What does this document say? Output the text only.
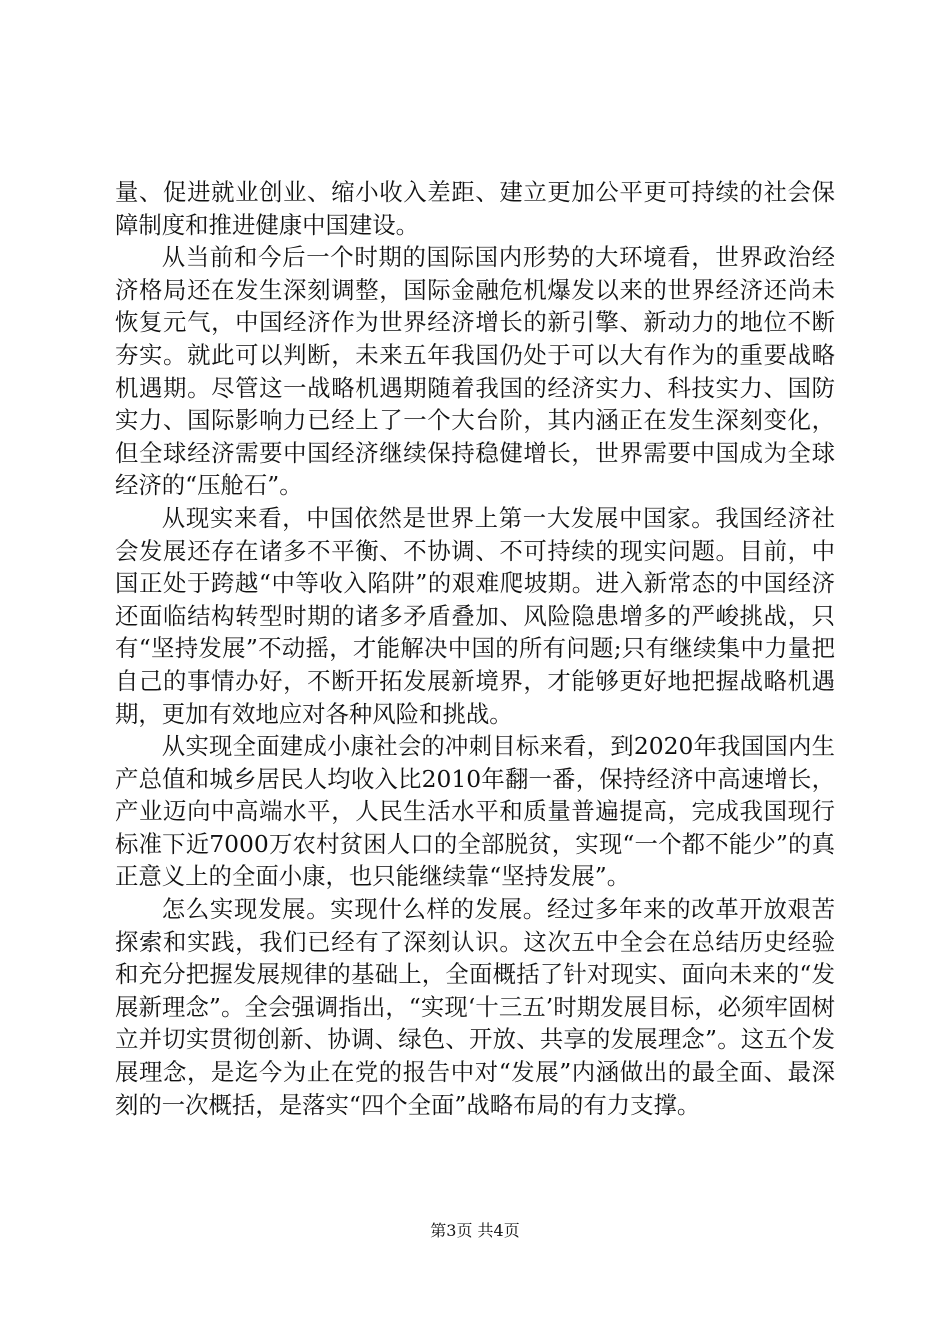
量、促进就业创业、缩小收入差距、建立更加公平更可持续的社会保障制度和推进健康中国建设。

从当前和今后一个时期的国际国内形势的大环境看，世界政治经济格局还在发生深刻调整，国际金融危机爆发以来的世界经济还尚未恢复元气，中国经济作为世界经济增长的新引擎、新动力的地位不断夯实。就此可以判断，未来五年我国仍处于可以大有作为的重要战略机遇期。尽管这一战略机遇期随着我国的经济实力、科技实力、国防实力、国际影响力已经上了一个大台阶，其内涵正在发生深刻变化，但全球经济需要中国经济继续保持稳健增长，世界需要中国成为全球经济的“压舱石”。

从现实来看，中国依然是世界上第一大发展中国家。我国经济社会发展还存在诸多不平衡、不协调、不可持续的现实问题。目前，中国正处于跨越“中等收入陷阱”的艰难爬坡期。进入新常态的中国经济还面临结构转型时期的诸多矛盾叠加、风险隐患增多的严峻挑战，只有“坚持发展”不动摇，才能解决中国的所有问题;只有继续集中力量把自己的事情办好，不断开拓发展新境界，才能够更好地把握战略机遇期，更加有效地应对各种风险和挑战。

从实现全面建成小康社会的冲刺目标来看，到2020年我国国内生产总值和城乡居民人均收入比2010年翻一番，保持经济中高速增长，产业迈向中高端水平，人民生活水平和质量普遍提高，完成我国现行标准下近7000万农村贫困人口的全部脱贫，实现“一个都不能少”的真正意义上的全面小康，也只能继续靠“坚持发展”。

怎么实现发展。实现什么样的发展。经过多年来的改革开放艰苦探索和实践，我们已经有了深刻认识。这次五中全会在总结历史经验和充分把握发展规律的基础上，全面概括了针对现实、面向未来的“发展新理念”。全会强调指出，“实现‘十三五’时期发展目标，必须牢固树立并切实贯彻创新、协调、绿色、开放、共享的发展理念”。这五个发展理念，是迄今为止在党的报告中对“发展”内涵做出的最全面、最深刻的一次概括，是落实“四个全面”战略布局的有力支撑。

第3页 共4页
